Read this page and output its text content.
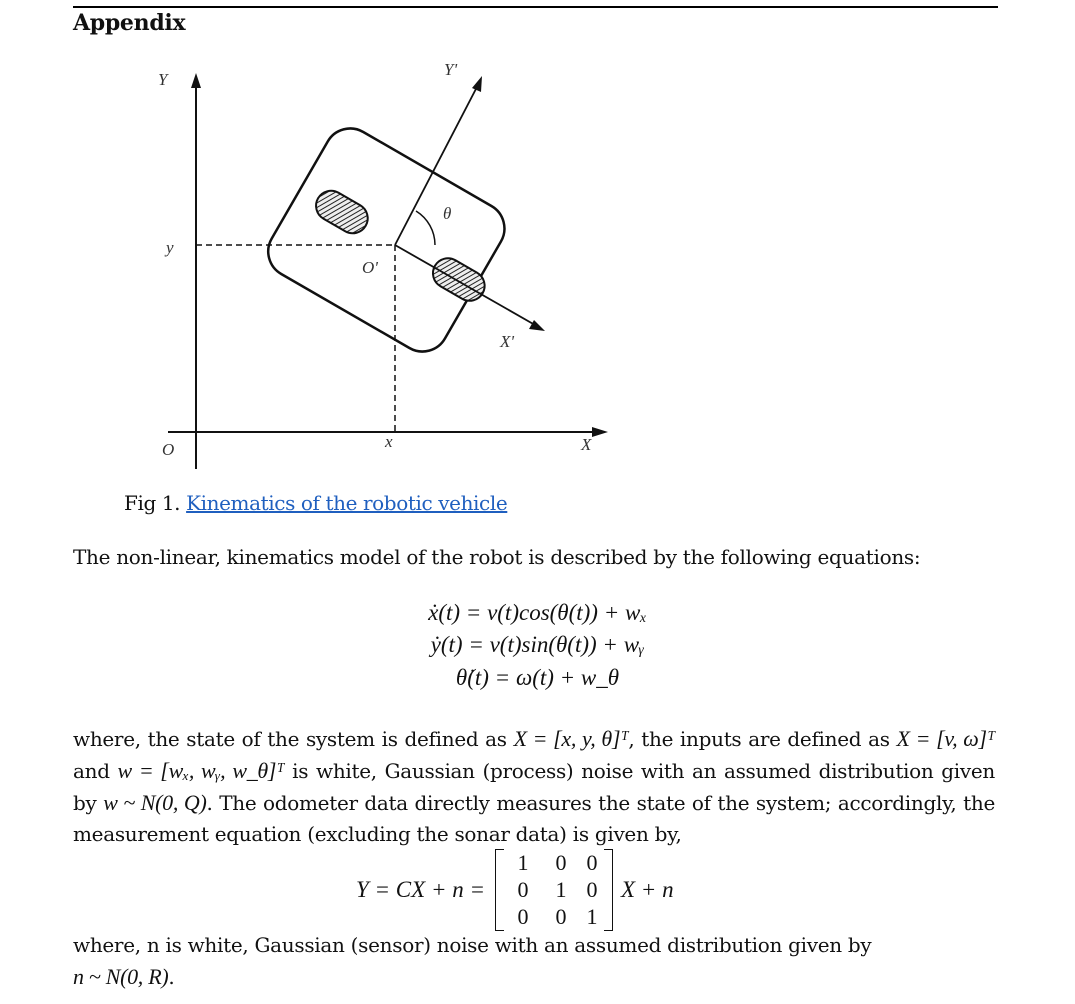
Appendix
Y
Y'
y
θ
O'
X'
O	x	X
Fig 1. Kinematics of the robotic vehicle
The non-linear, kinematics model of the robot is described by the following equations:
ẋ(t) = v(t)cos(θ(t)) + wₓ
ẏ(t) = v(t)sin(θ(t)) + wᵧ
θ̇(t) = ω(t) + w_θ
where, the state of the system is defined as X = [x, y, θ]ᵀ, the inputs are defined as X = [v, ω]ᵀ and w = [wₓ, wᵧ, w_θ]ᵀ is white, Gaussian (process) noise with an assumed distribution given by w ~ N(0, Q). The odometer data directly measures the state of the system; accordingly, the measurement equation (excluding the sonar data) is given by,
Y = CX + n =
1	0 0
0	1 0
0	0 1
X + n
where, n is white, Gaussian (sensor) noise with an assumed distribution given by
n ~ N(0, R).
